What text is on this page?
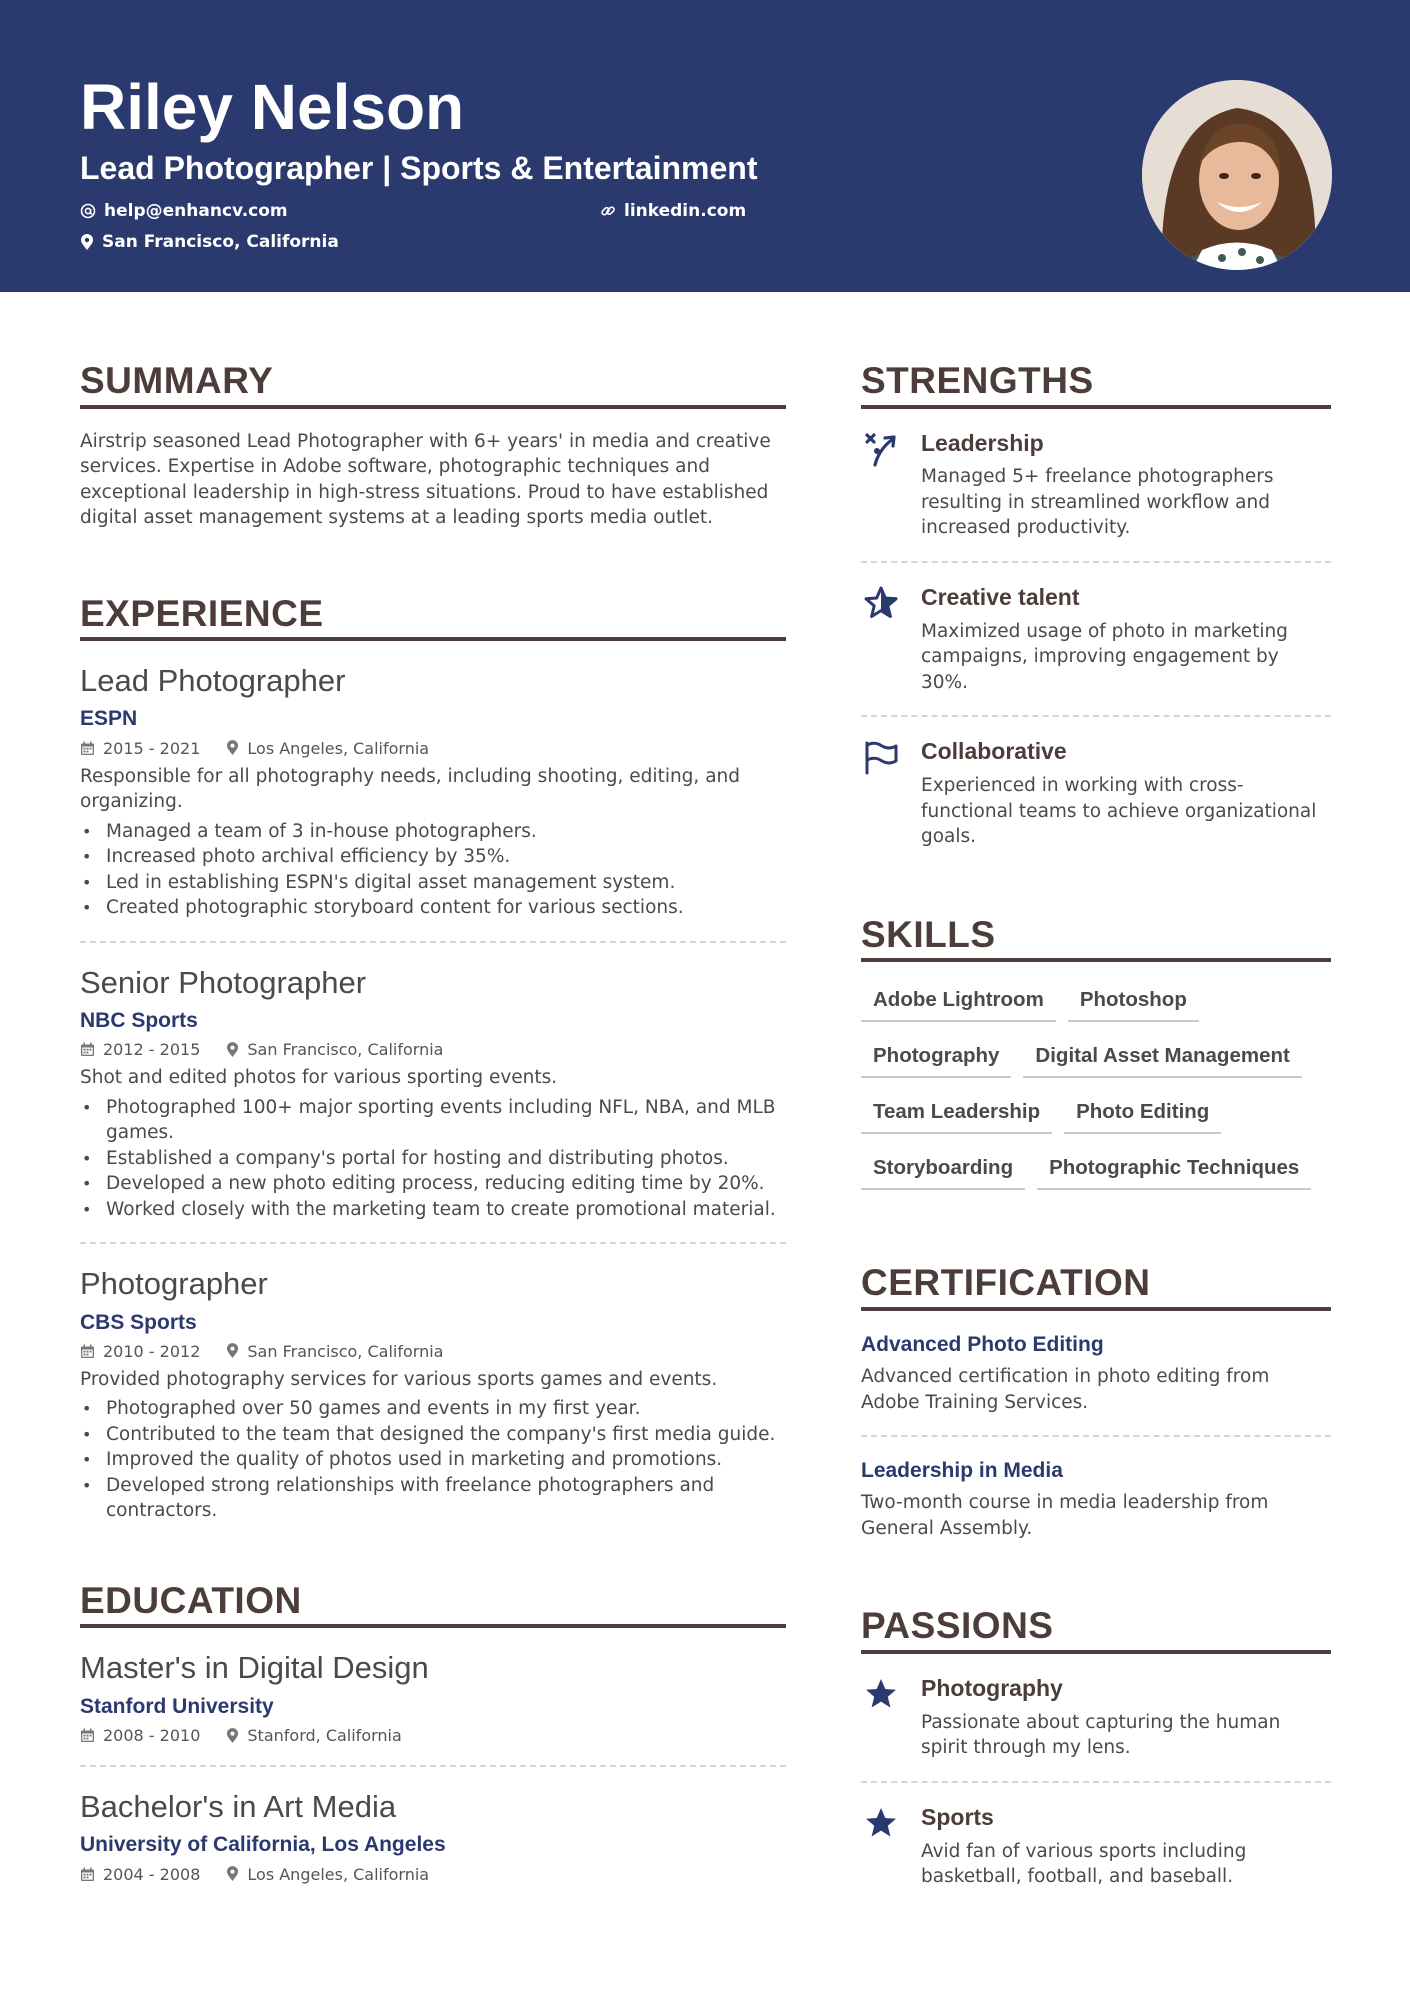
Riley Nelson
Lead Photographer | Sports & Entertainment
help@enhancv.com	linkedin.com
San Francisco, California
SUMMARY

Airstrip seasoned Lead Photographer with 6+ years' in media and creative services. Expertise in Adobe software, photographic techniques and exceptional leadership in high-stress situations. Proud to have established digital asset management systems at a leading sports media outlet.

EXPERIENCE
Lead Photographer
ESPN
2015 - 2021	Los Angeles, California
Responsible for all photography needs, including shooting, editing, and organizing.
• Managed a team of 3 in-house photographers.
• Increased photo archival efficiency by 35%.
• Led in establishing ESPN's digital asset management system.
• Created photographic storyboard content for various sections.
Senior Photographer
NBC Sports
2012 - 2015	San Francisco, California
Shot and edited photos for various sporting events.
• Photographed 100+ major sporting events including NFL, NBA, and MLB games.
• Established a company's portal for hosting and distributing photos.
• Developed a new photo editing process, reducing editing time by 20%.
• Worked closely with the marketing team to create promotional material.
Photographer
CBS Sports
2010 - 2012	San Francisco, California
Provided photography services for various sports games and events.
• Photographed over 50 games and events in my first year.
• Contributed to the team that designed the company's first media guide.
• Improved the quality of photos used in marketing and promotions.
• Developed strong relationships with freelance photographers and contractors.
EDUCATION
Master's in Digital Design
Stanford University
2008 - 2010	Stanford, California
Bachelor's in Art Media
University of California, Los Angeles
2004 - 2008	Los Angeles, California
STRENGTHS
Leadership
Managed 5+ freelance photographers resulting in streamlined workflow and increased productivity.
Creative talent
Maximized usage of photo in marketing campaigns, improving engagement by 30%.
Collaborative
Experienced in working with cross-functional teams to achieve organizational goals.
SKILLS
Adobe Lightroom	Photoshop
Photography	Digital Asset Management
Team Leadership	Photo Editing
Storyboarding	Photographic Techniques
CERTIFICATION
Advanced Photo Editing
Advanced certification in photo editing from Adobe Training Services.
Leadership in Media
Two-month course in media leadership from General Assembly.
PASSIONS
Photography
Passionate about capturing the human spirit through my lens.
Sports
Avid fan of various sports including basketball, football, and baseball.
